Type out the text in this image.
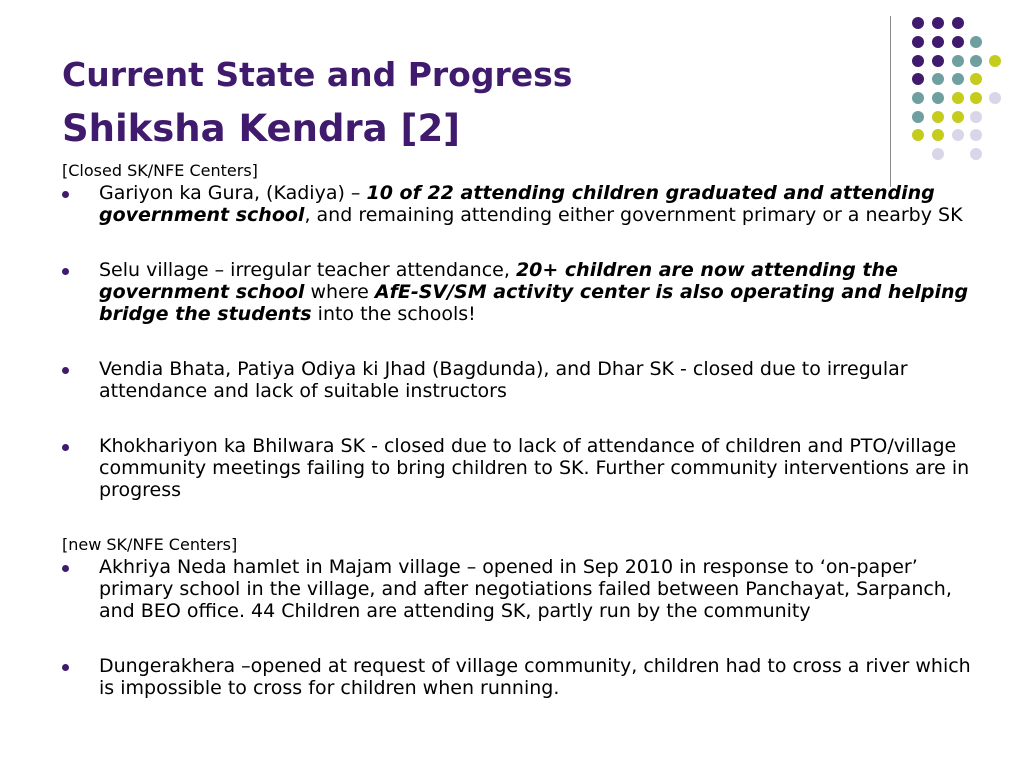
Current State and Progress
Shiksha Kendra [2]

[Closed SK/NFE Centers]

Gariyon ka Gura, (Kadiya) – 10 of 22 attending children graduated and attending government school, and remaining attending either government primary or a nearby SK
Selu village – irregular teacher attendance, 20+ children are now attending the government school where AfE-SV/SM activity center is also operating and helping bridge the students into the schools!
Vendia Bhata, Patiya Odiya ki Jhad (Bagdunda), and Dhar SK - closed due to irregular attendance and lack of suitable instructors
Khokhariyon ka Bhilwara SK - closed due to lack of attendance of children and PTO/village community meetings failing to bring children to SK. Further community interventions are in progress

[new SK/NFE Centers]

Akhriya Neda hamlet in Majam village – opened in Sep 2010 in response to ‘on-paper’ primary school in the village, and after negotiations failed between Panchayat, Sarpanch, and BEO office. 44 Children are attending SK, partly run by the community
Dungerakhera –opened at request of village community, children had to cross a river which is impossible to cross for children when running.
